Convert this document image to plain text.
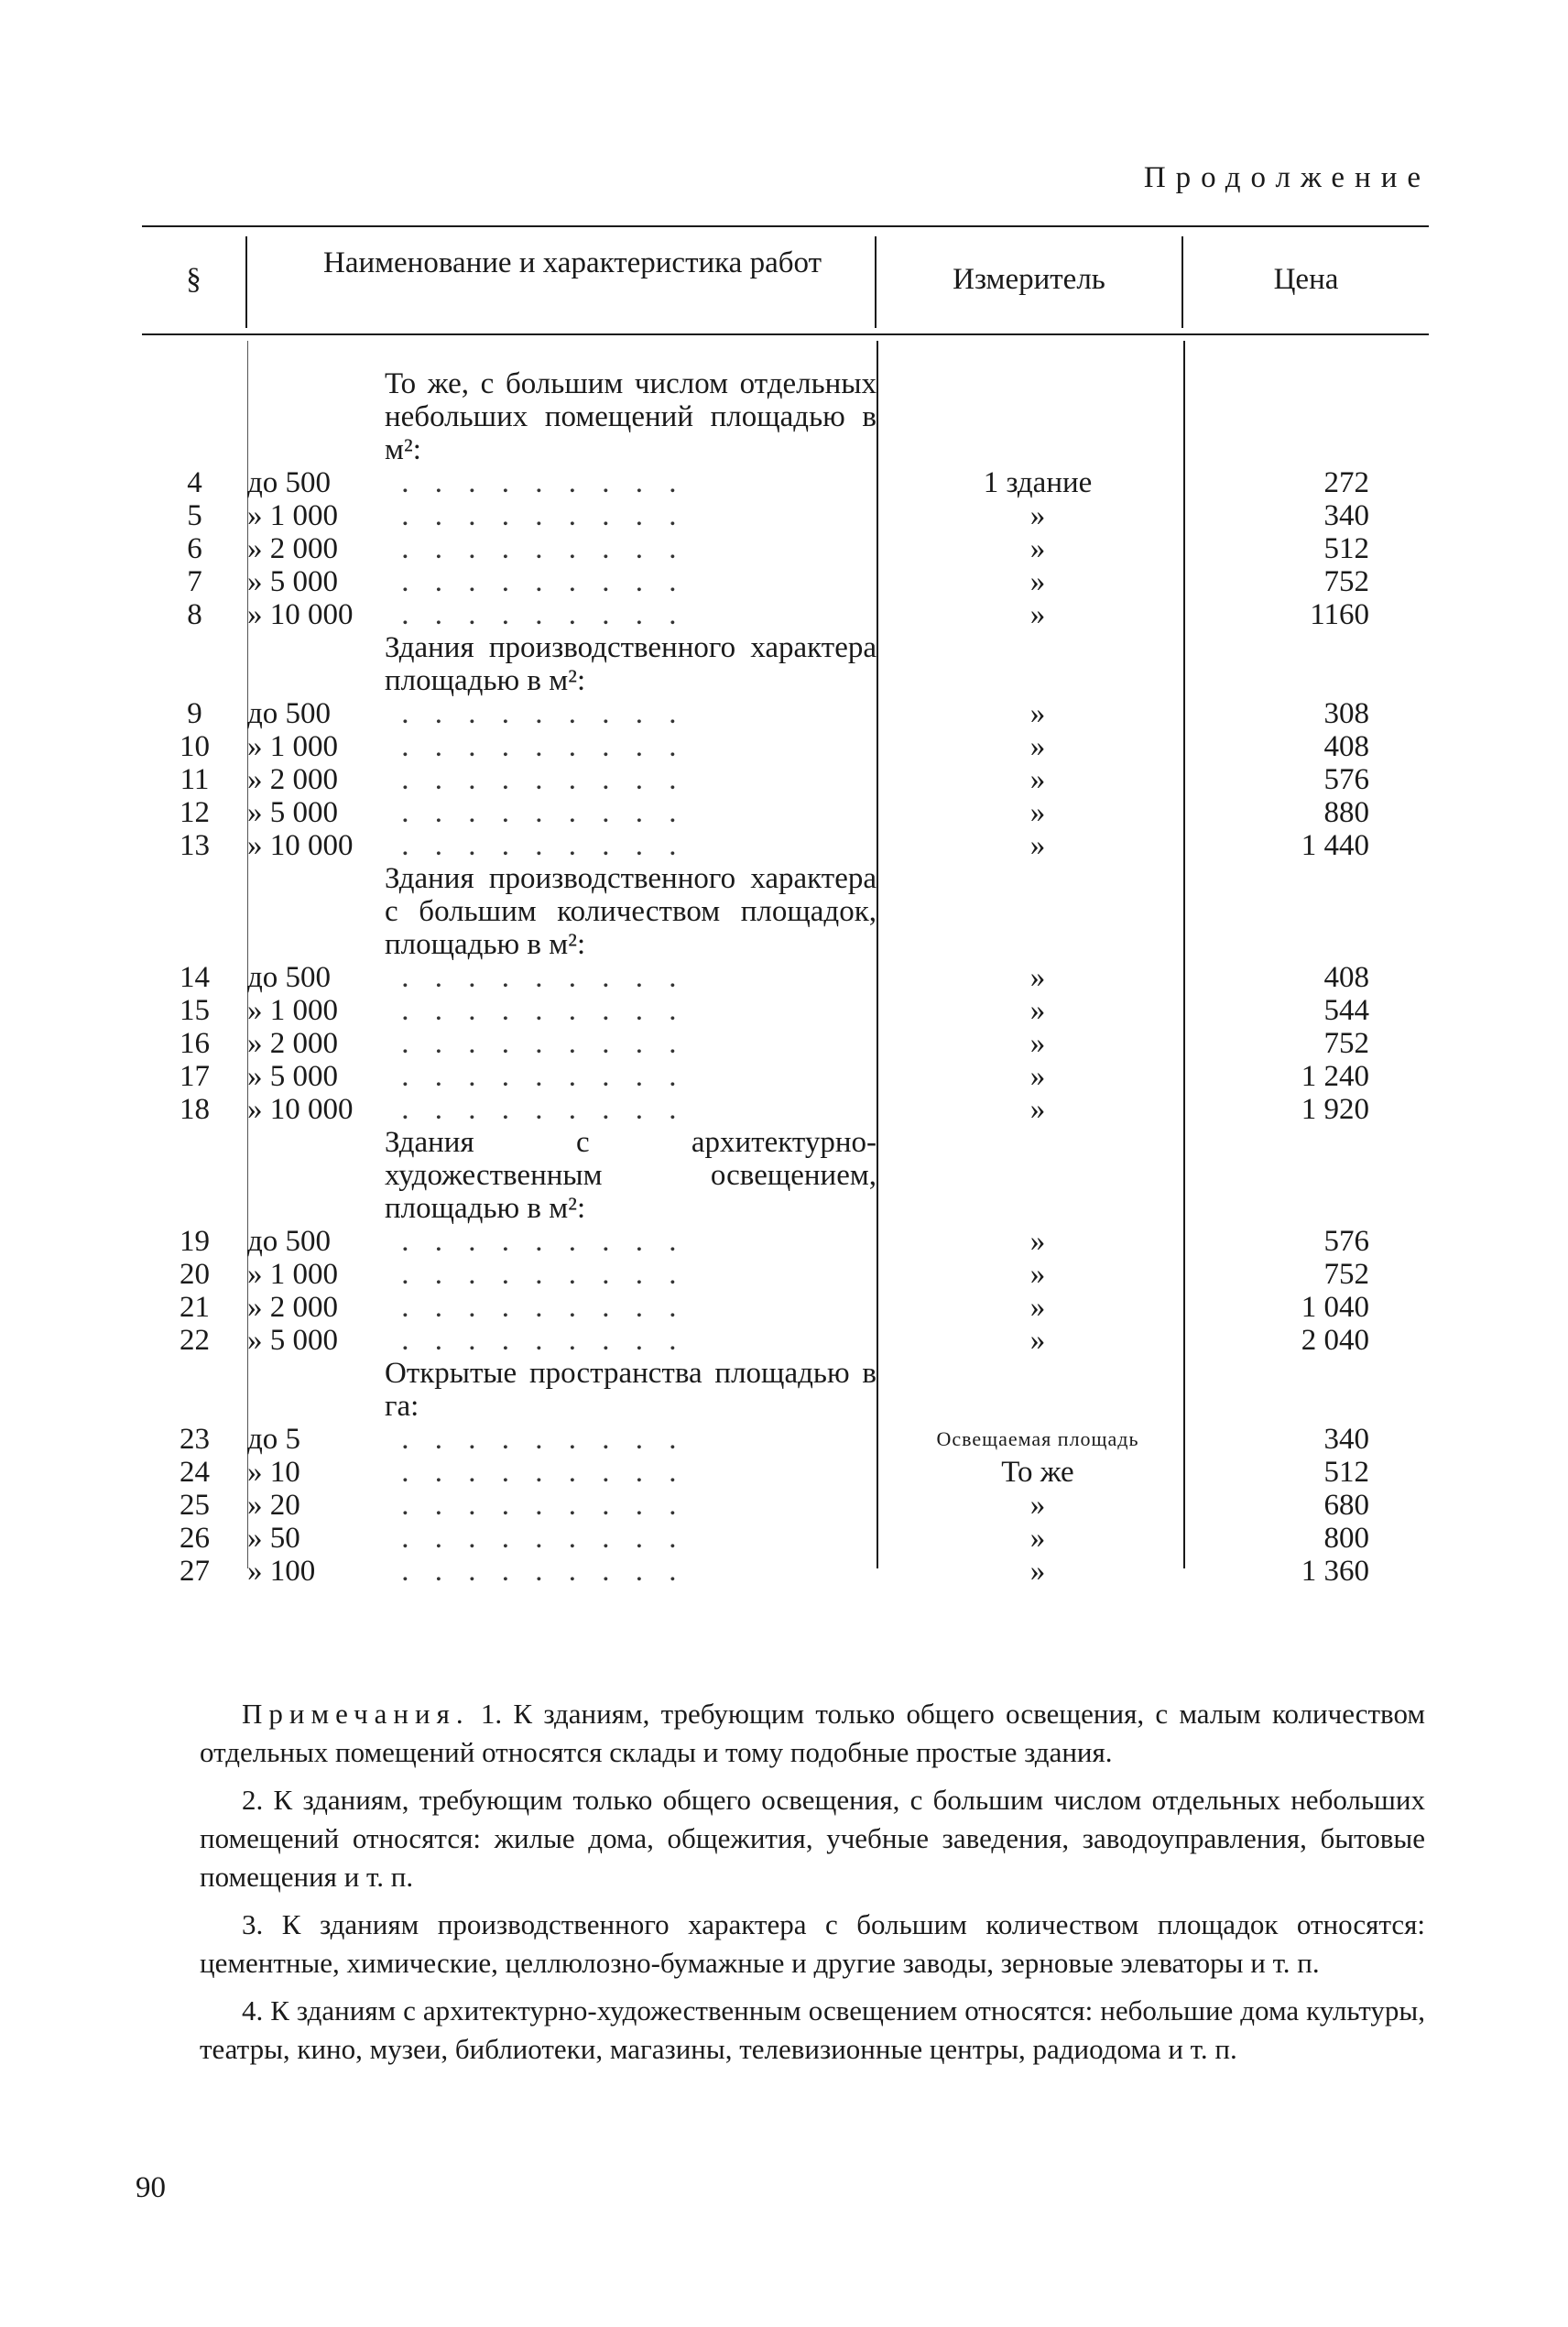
Продолжение
§	Наименование и характеристика работ	Измеритель	Цена
	То же, с большим числом отдельных небольших помещений площадью в м²:		
4	до 500 . . . . . . . . .	1 здание	272
5	» 1 000 . . . . . . . . .	»	340
6	» 2 000 . . . . . . . . .	»	512
7	» 5 000 . . . . . . . . .	»	752
8	» 10 000 . . . . . . . . .	»	1160
	Здания производственного характера площадью в м²:		
9	до 500 . . . . . . . . .	»	308
10	» 1 000 . . . . . . . . .	»	408
11	» 2 000 . . . . . . . . .	»	576
12	» 5 000 . . . . . . . . .	»	880
13	» 10 000 . . . . . . . . .	»	1 440
	Здания производственного характера с большим количеством площадок, площадью в м²:		
14	до 500 . . . . . . . . .	»	408
15	» 1 000 . . . . . . . . .	»	544
16	» 2 000 . . . . . . . . .	»	752
17	» 5 000 . . . . . . . . .	»	1 240
18	» 10 000 . . . . . . . . .	»	1 920
	Здания с архитектурно-художественным освещением, площадью в м²:		
19	до 500 . . . . . . . . .	»	576
20	» 1 000 . . . . . . . . .	»	752
21	» 2 000 . . . . . . . . .	»	1 040
22	» 5 000 . . . . . . . . .	»	2 040
	Открытые пространства площадью в га:		
23	до 5 . . . . . . . . .	Освещаемая площадь	340
24	» 10 . . . . . . . . .	То же	512
25	» 20 . . . . . . . . .	»	680
26	» 50 . . . . . . . . .	»	800
27	» 100 . . . . . . . . .	»	1 360

Примечания. 1. К зданиям, требующим только общего освещения, с малым количеством отдельных помещений относятся склады и тому подобные простые здания.

2. К зданиям, требующим только общего освещения, с большим числом отдельных небольших помещений относятся: жилые дома, общежития, учебные заведения, заводоуправления, бытовые помещения и т. п.

3. К зданиям производственного характера с большим количеством площадок относятся: цементные, химические, целлюлозно-бумажные и другие заводы, зерновые элеваторы и т. п.

4. К зданиям с архитектурно-художественным освещением относятся: небольшие дома культуры, театры, кино, музеи, библиотеки, магазины, телевизионные центры, радиодома и т. п.

90
